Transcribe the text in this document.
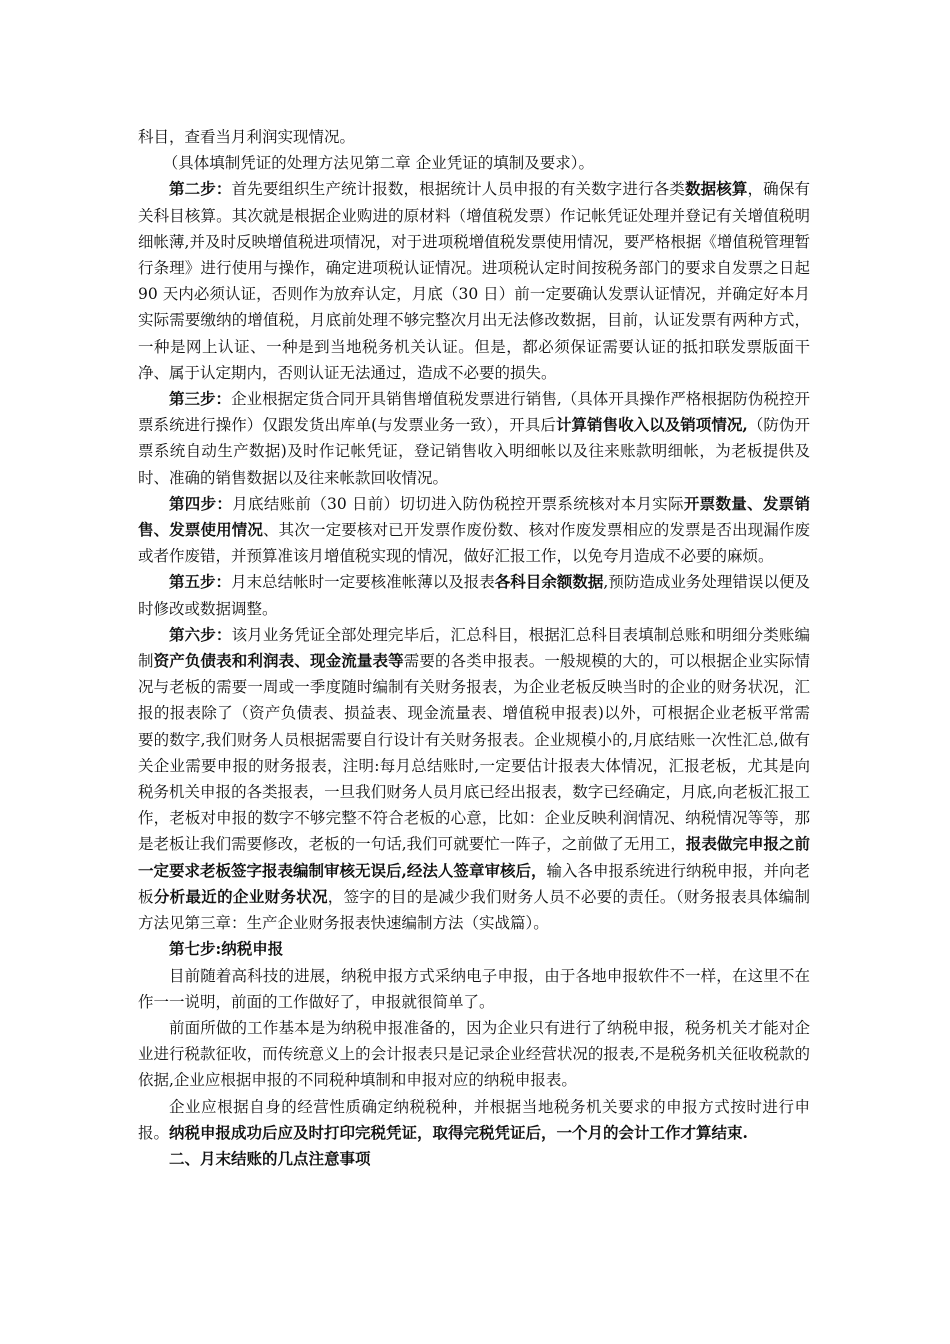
科目，查看当月利润实现情况。

（具体填制凭证的处理方法见第二章 企业凭证的填制及要求）。

第二步：首先要组织生产统计报数，根据统计人员申报的有关数字进行各类数据核算，确保有关科目核算。其次就是根据企业购进的原材料（增值税发票）作记帐凭证处理并登记有关增值税明细帐薄,并及时反映增值税进项情况，对于进项税增值税发票使用情况，要严格根据《增值税管理暂行条理》进行使用与操作，确定进项税认证情况。进项税认定时间按税务部门的要求自发票之日起 90 天内必须认证，否则作为放弃认定，月底（30 日）前一定要确认发票认证情况，并确定好本月实际需要缴纳的增值税，月底前处理不够完整次月出无法修改数据，目前，认证发票有两种方式，一种是网上认证、一种是到当地税务机关认证。但是，都必须保证需要认证的抵扣联发票版面干净、属于认定期内，否则认证无法通过，造成不必要的损失。

第三步：企业根据定货合同开具销售增值税发票进行销售,（具体开具操作严格根据防伪税控开票系统进行操作）仅跟发货出库单(与发票业务一致），开具后计算销售收入以及销项情况,（防伪开票系统自动生产数据)及时作记帐凭证，登记销售收入明细帐以及往来账款明细帐，为老板提供及时、准确的销售数据以及往来帐款回收情况。

第四步：月底结账前（30 日前）切切进入防伪税控开票系统核对本月实际开票数量、发票销售、发票使用情况、其次一定要核对已开发票作废份数、核对作废发票相应的发票是否出现漏作废或者作废错，并预算准该月增值税实现的情况，做好汇报工作，以免夸月造成不必要的麻烦。

第五步：月末总结帐时一定要核准帐薄以及报表各科目余额数据,预防造成业务处理错误以便及时修改或数据调整。

第六步：该月业务凭证全部处理完毕后，汇总科目，根据汇总科目表填制总账和明细分类账编制资产负债表和利润表、现金流量表等需要的各类申报表。一般规模的大的，可以根据企业实际情况与老板的需要一周或一季度随时编制有关财务报表，为企业老板反映当时的企业的财务状况，汇报的报表除了（资产负债表、损益表、现金流量表、增值税申报表)以外，可根据企业老板平常需要的数字,我们财务人员根据需要自行设计有关财务报表。企业规模小的,月底结账一次性汇总,做有关企业需要申报的财务报表，注明:每月总结账时,一定要估计报表大体情况，汇报老板，尤其是向税务机关申报的各类报表，一旦我们财务人员月底已经出报表，数字已经确定，月底,向老板汇报工作，老板对申报的数字不够完整不符合老板的心意，比如：企业反映利润情况、纳税情况等等，那是老板让我们需要修改，老板的一句话,我们可就要忙一阵子，之前做了无用工，报表做完申报之前一定要求老板签字报表编制审核无误后,经法人签章审核后，输入各申报系统进行纳税申报，并向老板分析最近的企业财务状况，签字的目的是减少我们财务人员不必要的责任。（财务报表具体编制方法见第三章：生产企业财务报表快速编制方法（实战篇）。

第七步:纳税申报

目前随着高科技的进展，纳税申报方式采纳电子申报，由于各地申报软件不一样，在这里不在作一一说明，前面的工作做好了，申报就很简单了。

前面所做的工作基本是为纳税申报准备的，因为企业只有进行了纳税申报，税务机关才能对企业进行税款征收，而传统意义上的会计报表只是记录企业经营状况的报表,不是税务机关征收税款的依据,企业应根据申报的不同税种填制和申报对应的纳税申报表。

企业应根据自身的经营性质确定纳税税种，并根据当地税务机关要求的申报方式按时进行申报。纳税申报成功后应及时打印完税凭证，取得完税凭证后，一个月的会计工作才算结束.

二、月末结账的几点注意事项
